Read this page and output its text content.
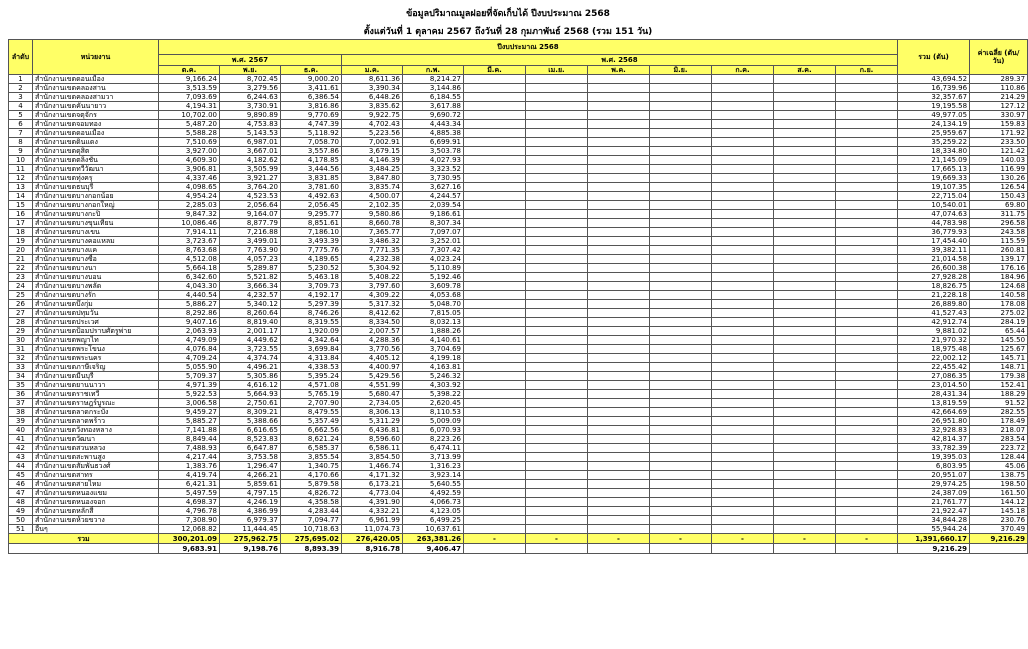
ข้อมูลปริมาณมูลฝอยที่จัดเก็บได้ ปีงบประมาณ 2568
ตั้งแต่วันที่ 1 ตุลาคม 2567 ถึงวันที่ 28 กุมภาพันธ์ 2568 (รวม 151 วัน)
ลำดับ	หน่วยงาน	ปีงบประมาณ 2568												รวม (ตัน)	ค่าเฉลี่ย (ตัน/วัน)
		พ.ศ. 2567			พ.ศ. 2568										
		ต.ค.	พ.ย.	ธ.ค.	ม.ค.	ก.พ.	มี.ค.	เม.ย.	พ.ค.	มิ.ย.	ก.ค.	ส.ค.	ก.ย.		
1	สำนักงานเขตดอนเมือง	9,166.24	8,702.45	9,000.20	8,611.36	8,214.27								43,694.52	289.37
2	สำนักงานเขตคลองสาน	3,513.59	3,279.56	3,411.61	3,390.34	3,144.86								16,739.96	110.86
3	สำนักงานเขตคลองสามวา	7,093.69	6,244.63	6,386.54	6,448.26	6,184.55								32,357.67	214.29
4	สำนักงานเขตคันนายาว	4,194.31	3,730.91	3,816.86	3,835.62	3,617.88								19,195.58	127.12
5	สำนักงานเขตจตุจักร	10,702.00	9,890.89	9,770.69	9,922.75	9,690.72								49,977.05	330.97
6	สำนักงานเขตจอมทอง	5,487.20	4,753.83	4,747.39	4,702.43	4,443.34								24,134.19	159.83
7	สำนักงานเขตดอนเมือง	5,588.28	5,143.53	5,118.92	5,223.56	4,885.38								25,959.67	171.92
8	สำนักงานเขตดินแดง	7,510.69	6,987.01	7,058.70	7,002.91	6,699.91								35,259.22	233.50
9	สำนักงานเขตดุสิต	3,927.00	3,667.01	3,557.86	3,679.15	3,503.78								18,334.80	121.42
10	สำนักงานเขตตลิ่งชัน	4,609.30	4,182.62	4,178.85	4,146.39	4,027.93								21,145.09	140.03
11	สำนักงานเขตทวีวัฒนา	3,906.81	3,505.99	3,444.56	3,484.25	3,323.52								17,665.13	116.99
12	สำนักงานเขตทุ่งครุ	4,337.46	3,921.27	3,831.85	3,847.80	3,730.95								19,669.33	130.26
13	สำนักงานเขตธนบุรี	4,098.65	3,764.20	3,781.60	3,835.74	3,627.16								19,107.35	126.54
14	สำนักงานเขตบางกอกน้อย	4,954.24	4,523.53	4,492.63	4,500.07	4,244.57								22,715.04	150.43
15	สำนักงานเขตบางกอกใหญ่	2,285.03	2,056.64	2,056.45	2,102.35	2,039.54								10,540.01	69.80
16	สำนักงานเขตบางกะปิ	9,847.32	9,164.07	9,295.77	9,580.86	9,186.61								47,074.63	311.75
17	สำนักงานเขตบางขุนเทียน	10,086.46	8,877.79	8,851.61	8,660.78	8,307.34								44,783.98	296.58
18	สำนักงานเขตบางเขน	7,914.11	7,216.88	7,186.10	7,365.77	7,097.07								36,779.93	243.58
19	สำนักงานเขตบางคอแหลม	3,723.67	3,499.01	3,493.39	3,486.32	3,252.01								17,454.40	115.59
20	สำนักงานเขตบางแค	8,763.68	7,763.90	7,775.76	7,771.35	7,307.42								39,382.11	260.81
21	สำนักงานเขตบางซื่อ	4,512.08	4,057.23	4,189.65	4,232.38	4,023.24								21,014.58	139.17
22	สำนักงานเขตบางนา	5,664.18	5,289.87	5,230.52	5,304.92	5,110.89								26,600.38	176.16
23	สำนักงานเขตบางบอน	6,342.60	5,521.82	5,463.18	5,408.22	5,192.46								27,928.28	184.96
24	สำนักงานเขตบางพลัด	4,043.30	3,666.34	3,709.73	3,797.60	3,609.78								18,826.75	124.68
25	สำนักงานเขตบางรัก	4,440.54	4,232.57	4,192.17	4,309.22	4,053.68								21,228.18	140.58
26	สำนักงานเขตบึงกุ่ม	5,886.27	5,340.12	5,297.39	5,317.32	5,048.70								26,889.80	178.08
27	สำนักงานเขตปทุมวัน	8,292.86	8,260.64	8,746.26	8,412.62	7,815.05								41,527.43	275.02
28	สำนักงานเขตประเวศ	9,407.16	8,819.40	8,319.55	8,334.50	8,032.13								42,912.74	284.19
29	สำนักงานเขตป้อมปราบศัตรูพ่าย	2,063.93	2,001.17	1,920.09	2,007.57	1,888.26								9,881.02	65.44
30	สำนักงานเขตพญาไท	4,749.09	4,449.62	4,342.64	4,288.36	4,140.61								21,970.32	145.50
31	สำนักงานเขตพระโขนง	4,076.84	3,723.55	3,699.84	3,770.56	3,704.69								18,975.48	125.67
32	สำนักงานเขตพระนคร	4,709.24	4,374.74	4,313.84	4,405.12	4,199.18								22,002.12	145.71
33	สำนักงานเขตภาษีเจริญ	5,055.90	4,496.21	4,338.53	4,400.97	4,163.81								22,455.42	148.71
34	สำนักงานเขตมีนบุรี	5,709.37	5,305.86	5,395.24	5,429.56	5,246.32								27,086.35	179.38
35	สำนักงานเขตยานนาวา	4,971.39	4,616.12	4,571.08	4,551.99	4,303.92								23,014.50	152.41
36	สำนักงานเขตราชเทวี	5,922.53	5,664.93	5,765.19	5,680.47	5,398.22								28,431.34	188.29
37	สำนักงานเขตราษฎร์บูรณะ	3,006.58	2,750.61	2,707.90	2,734.05	2,620.45								13,819.59	91.52
38	สำนักงานเขตลาดกระบัง	9,459.27	8,309.21	8,479.55	8,306.13	8,110.53								42,664.69	282.55
39	สำนักงานเขตลาดพร้าว	5,885.27	5,388.66	5,357.49	5,311.29	5,009.09								26,951.80	178.49
40	สำนักงานเขตวังทองหลาง	7,141.88	6,616.65	6,662.56	6,436.81	6,070.93								32,928.83	218.07
41	สำนักงานเขตวัฒนา	8,849.44	8,523.83	8,621.24	8,596.60	8,223.26								42,814.37	283.54
42	สำนักงานเขตสวนหลวง	7,488.93	6,647.87	6,585.37	6,586.11	6,474.11								33,782.39	223.72
43	สำนักงานเขตสะพานสูง	4,217.44	3,753.58	3,855.54	3,854.50	3,713.99								19,395.03	128.44
44	สำนักงานเขตสัมพันธวงศ์	1,383.76	1,296.47	1,340.75	1,466.74	1,316.23								6,803.95	45.06
45	สำนักงานเขตสาทร	4,419.74	4,266.21	4,170.66	4,171.32	3,923.14								20,951.07	138.75
46	สำนักงานเขตสายไหม	6,421.31	5,859.61	5,879.58	6,173.21	5,640.55								29,974.25	198.50
47	สำนักงานเขตหนองแขม	5,497.59	4,797.15	4,826.72	4,773.04	4,492.59								24,387.09	161.50
48	สำนักงานเขตหนองจอก	4,698.37	4,246.19	4,358.58	4,391.90	4,066.73								21,761.77	144.12
49	สำนักงานเขตหลักสี่	4,796.78	4,386.99	4,283.44	4,332.21	4,123.05								21,922.47	145.18
50	สำนักงานเขตห้วยขวาง	7,308.90	6,979.37	7,094.77	6,961.99	6,499.25								34,844.28	230.76
51	อื่นๆ	12,068.82	11,444.45	10,718.63	11,074.73	10,637.61								55,944.24	370.49
รวม		300,201.09	275,962.75	275,695.02	276,420.05	263,381.26	-	-	-	-	-	-	-	1,391,660.17	9,216.29
		9,683.91	9,198.76	8,893.39	8,916.78	9,406.47								9,216.29	
